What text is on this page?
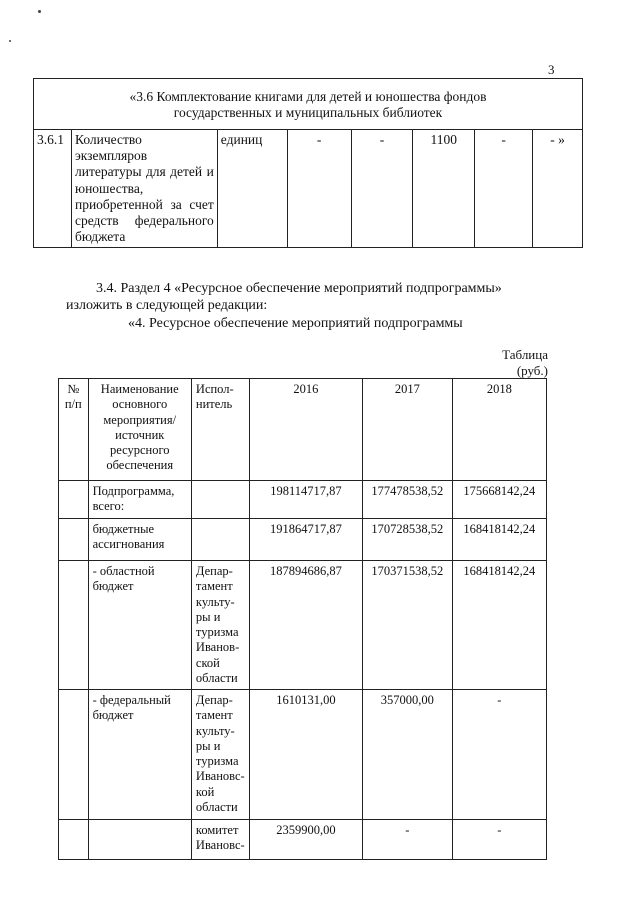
3
«3.6 Комплектование книгами для детей и юношества фондов
государственных и муниципальных библиотек

3.6.1	Количество экземпляров литературы для детей и юношества, приобретенной за счет средств федерального бюджета	единиц	-	-	1100	-	- »
3.4. Раздел 4 «Ресурсное обеспечение мероприятий подпрограммы»
изложить в следующей редакции:
«4. Ресурсное обеспечение мероприятий подпрограммы
Таблица
(руб.)
№ п/п	Наименование основного мероприятия/ источник ресурсного обеспечения	Испол-нитель	2016	2017	2018
	Подпрограмма, всего:		198114717,87	177478538,52	175668142,24
	бюджетные ассигнования		191864717,87	170728538,52	168418142,24
	- областной бюджет	Депар-тамент культу-ры и туризма Иванов-ской области	187894686,87	170371538,52	168418142,24
	- федеральный бюджет	Депар-тамент культу-ры и туризма Ивановс-кой области	1610131,00	357000,00	-
		комитет Ивановс-	2359900,00	-	-
